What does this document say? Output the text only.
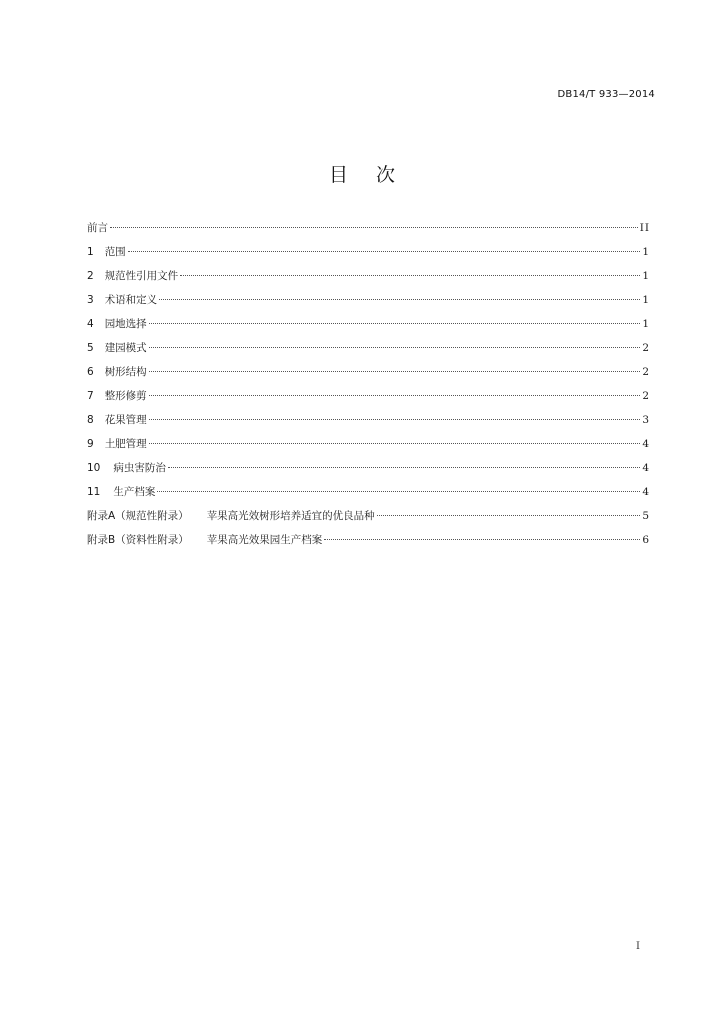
DB14/T 933—2014
目次
前言	II
1 范围	1
2 规范性引用文件	1
3 术语和定义	1
4 园地选择	1
5 建园模式	2
6 树形结构	2
7 整形修剪	2
8 花果管理	3
9 土肥管理	4
10 病虫害防治	4
11 生产档案	4
附录A（规范性附录） 苹果高光效树形培养适宜的优良品种	5
附录B（资料性附录） 苹果高光效果园生产档案	6
I
